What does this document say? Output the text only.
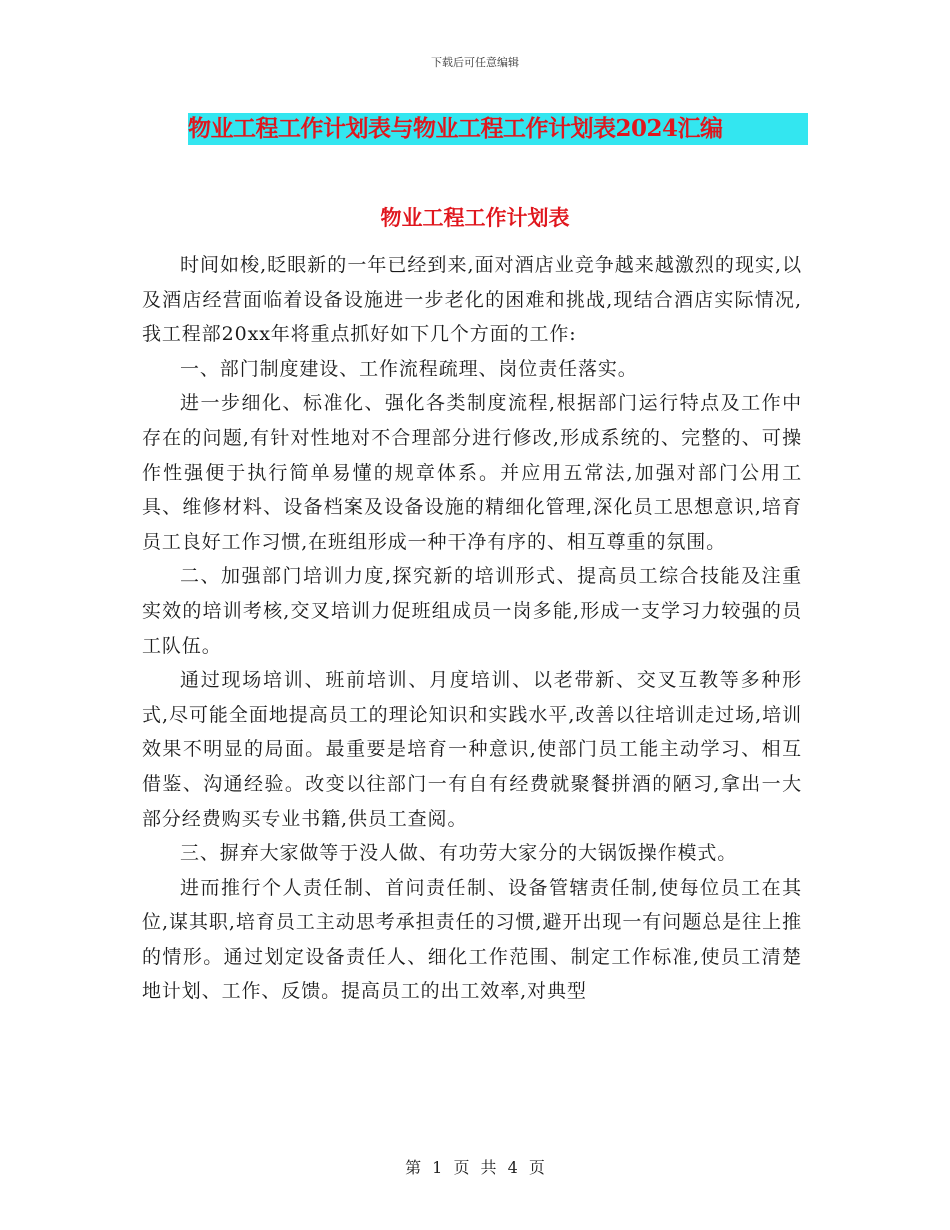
下载后可任意编辑
物业工程工作计划表与物业工程工作计划表2024汇编
物业工程工作计划表

时间如梭,眨眼新的一年已经到来,面对酒店业竞争越来越激烈的现实,以及酒店经营面临着设备设施进一步老化的困难和挑战,现结合酒店实际情况,我工程部20xx年将重点抓好如下几个方面的工作:

一、部门制度建设、工作流程疏理、岗位责任落实。

进一步细化、标准化、强化各类制度流程,根据部门运行特点及工作中存在的问题,有针对性地对不合理部分进行修改,形成系统的、完整的、可操作性强便于执行简单易懂的规章体系。并应用五常法,加强对部门公用工具、维修材料、设备档案及设备设施的精细化管理,深化员工思想意识,培育员工良好工作习惯,在班组形成一种干净有序的、相互尊重的氛围。

二、加强部门培训力度,探究新的培训形式、提高员工综合技能及注重实效的培训考核,交叉培训力促班组成员一岗多能,形成一支学习力较强的员工队伍。

通过现场培训、班前培训、月度培训、以老带新、交叉互教等多种形式,尽可能全面地提高员工的理论知识和实践水平,改善以往培训走过场,培训效果不明显的局面。最重要是培育一种意识,使部门员工能主动学习、相互借鉴、沟通经验。改变以往部门一有自有经费就聚餐拼酒的陋习,拿出一大部分经费购买专业书籍,供员工查阅。

三、摒弃大家做等于没人做、有功劳大家分的大锅饭操作模式。

进而推行个人责任制、首问责任制、设备管辖责任制,使每位员工在其位,谋其职,培育员工主动思考承担责任的习惯,避开出现一有问题总是往上推的情形。通过划定设备责任人、细化工作范围、制定工作标准,使员工清楚地计划、工作、反馈。提高员工的出工效率,对典型

第 1 页 共 4 页
